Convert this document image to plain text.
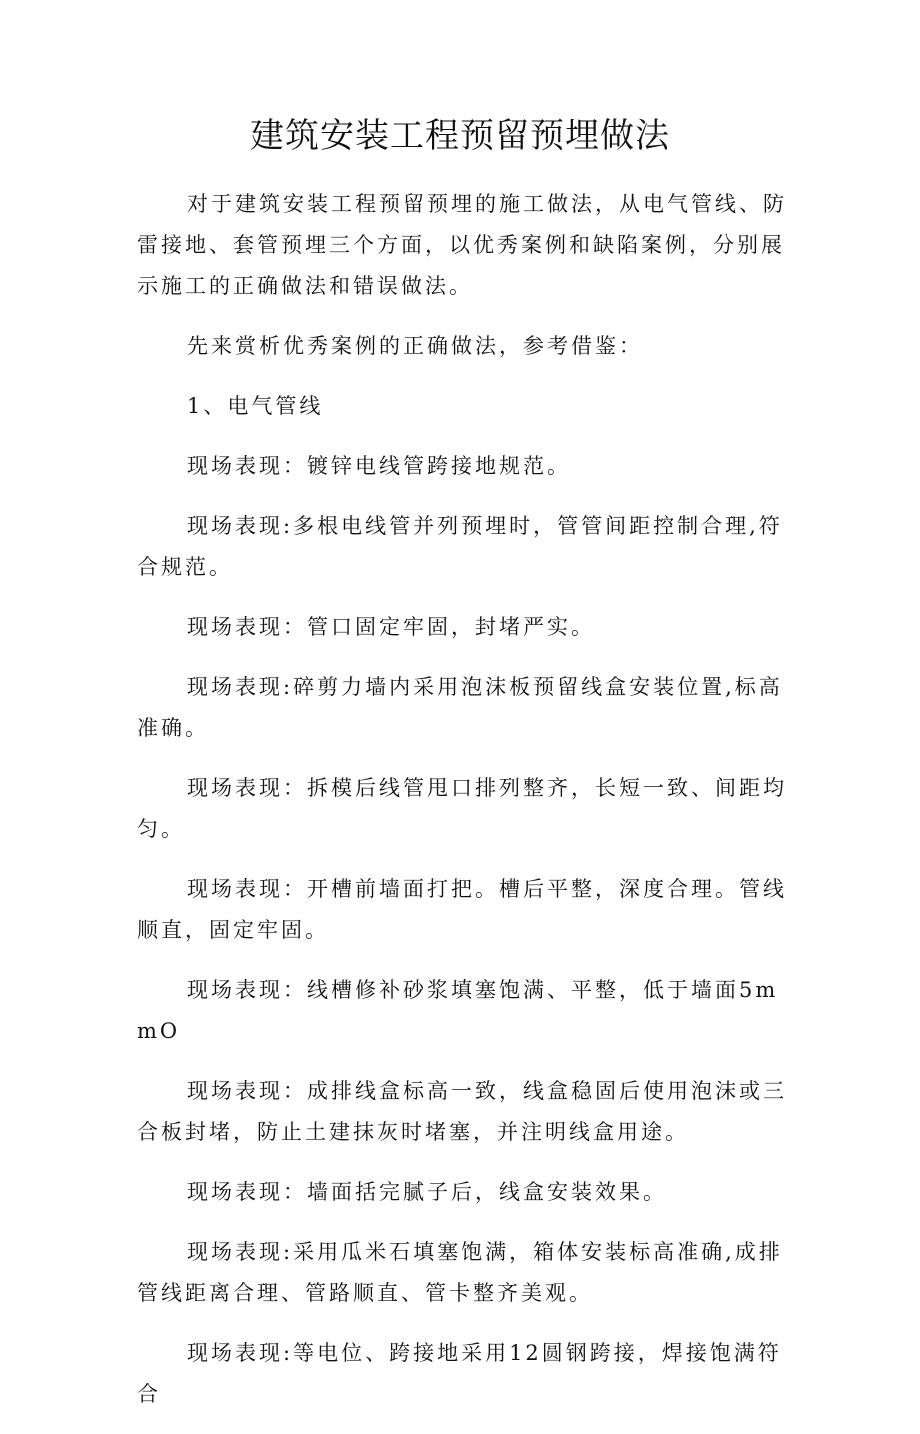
建筑安装工程预留预埋做法

对于建筑安装工程预留预埋的施工做法，从电气管线、防雷接地、套管预埋三个方面，以优秀案例和缺陷案例，分别展示施工的正确做法和错误做法。

先来赏析优秀案例的正确做法，参考借鉴：

1、电气管线

现场表现：镀锌电线管跨接地规范。

现场表现:多根电线管并列预埋时，管管间距控制合理,符合规范。

现场表现：管口固定牢固，封堵严实。

现场表现:碎剪力墙内采用泡沫板预留线盒安装位置,标高准确。

现场表现：拆模后线管甩口排列整齐，长短一致、间距均匀。

现场表现：开槽前墙面打把。槽后平整，深度合理。管线顺直，固定牢固。

现场表现：线槽修补砂浆填塞饱满、平整，低于墙面5mmO

现场表现：成排线盒标高一致，线盒稳固后使用泡沫或三合板封堵，防止土建抹灰时堵塞，并注明线盒用途。

现场表现：墙面括完腻子后，线盒安装效果。

现场表现:采用瓜米石填塞饱满，箱体安装标高准确,成排管线距离合理、管路顺直、管卡整齐美观。

现场表现:等电位、跨接地采用12圆钢跨接，焊接饱满符合
